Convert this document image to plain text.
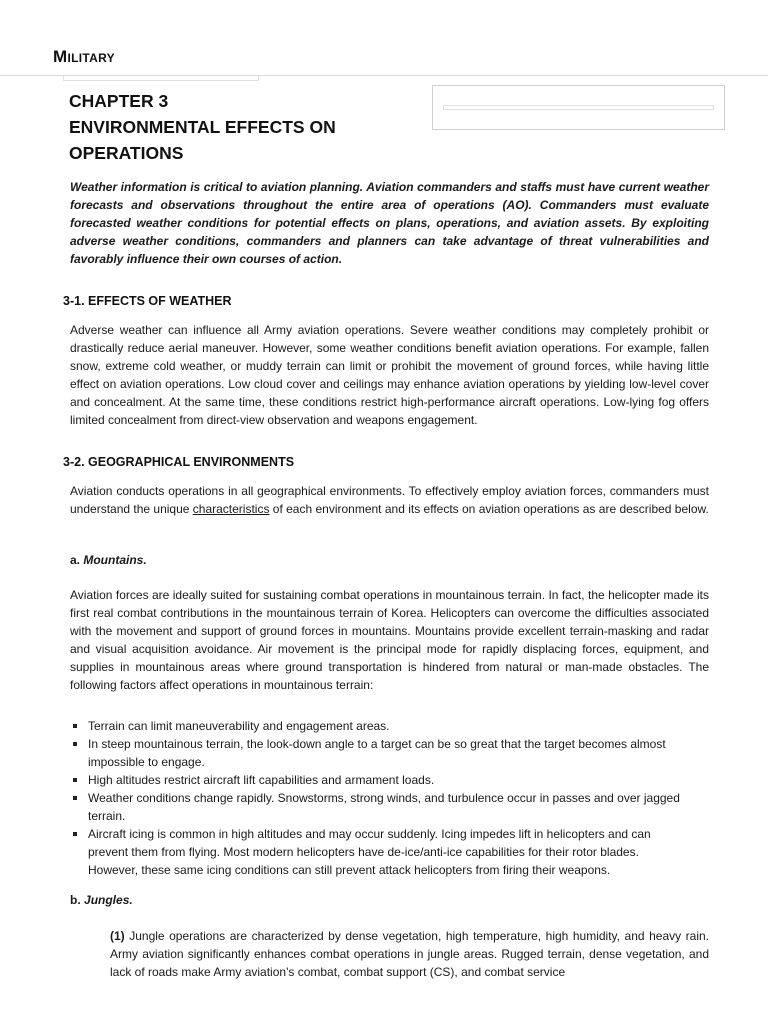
Military
CHAPTER 3
ENVIRONMENTAL EFFECTS ON OPERATIONS

Weather information is critical to aviation planning. Aviation commanders and staffs must have current weather forecasts and observations throughout the entire area of operations (AO). Commanders must evaluate forecasted weather conditions for potential effects on plans, operations, and aviation assets. By exploiting adverse weather conditions, commanders and planners can take advantage of threat vulnerabilities and favorably influence their own courses of action.

3-1. EFFECTS OF WEATHER

Adverse weather can influence all Army aviation operations. Severe weather conditions may completely prohibit or drastically reduce aerial maneuver. However, some weather conditions benefit aviation operations. For example, fallen snow, extreme cold weather, or muddy terrain can limit or prohibit the movement of ground forces, while having little effect on aviation operations. Low cloud cover and ceilings may enhance aviation operations by yielding low-level cover and concealment. At the same time, these conditions restrict high-performance aircraft operations. Low-lying fog offers limited concealment from direct-view observation and weapons engagement.

3-2. GEOGRAPHICAL ENVIRONMENTS

Aviation conducts operations in all geographical environments. To effectively employ aviation forces, commanders must understand the unique characteristics of each environment and its effects on aviation operations as are described below.

a. Mountains.

Aviation forces are ideally suited for sustaining combat operations in mountainous terrain. In fact, the helicopter made its first real combat contributions in the mountainous terrain of Korea. Helicopters can overcome the difficulties associated with the movement and support of ground forces in mountains. Mountains provide excellent terrain-masking and radar and visual acquisition avoidance. Air movement is the principal mode for rapidly displacing forces, equipment, and supplies in mountainous areas where ground transportation is hindered from natural or man-made obstacles. The following factors affect operations in mountainous terrain:

Terrain can limit maneuverability and engagement areas.
In steep mountainous terrain, the look-down angle to a target can be so great that the target becomes almost impossible to engage.
High altitudes restrict aircraft lift capabilities and armament loads.
Weather conditions change rapidly. Snowstorms, strong winds, and turbulence occur in passes and over jagged terrain.
Aircraft icing is common in high altitudes and may occur suddenly. Icing impedes lift in helicopters and can prevent them from flying. Most modern helicopters have de-ice/anti-ice capabilities for their rotor blades. However, these same icing conditions can still prevent attack helicopters from firing their weapons.
b. Jungles.

(1) Jungle operations are characterized by dense vegetation, high temperature, high humidity, and heavy rain. Army aviation significantly enhances combat operations in jungle areas. Rugged terrain, dense vegetation, and lack of roads make Army aviation's combat, combat support (CS), and combat service
